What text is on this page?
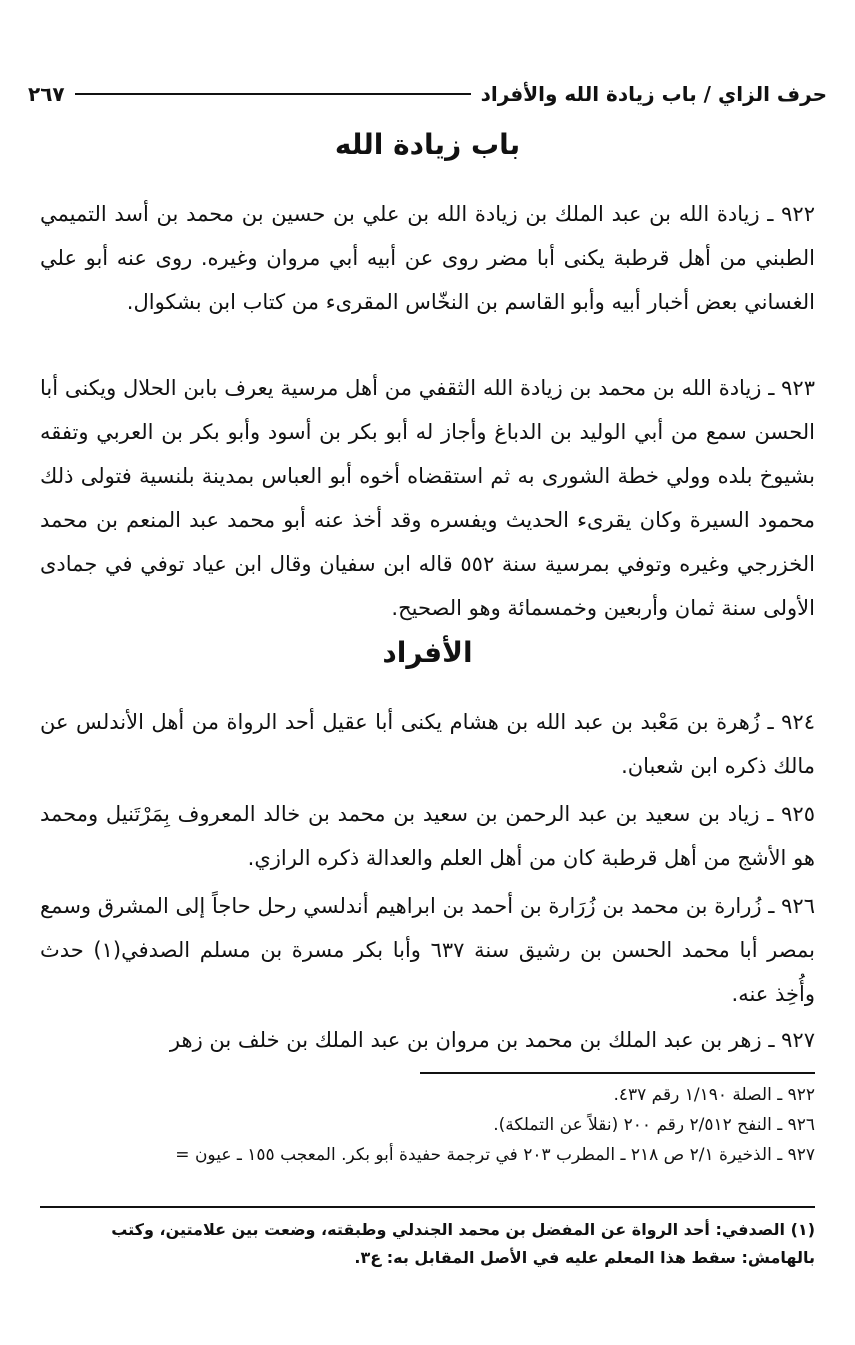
حرف الزاي / باب زيادة الله والأفراد
٢٦٧
باب زيادة الله

٩٢٢ ـ زيادة الله بن عبد الملك بن زيادة الله بن علي بن حسين بن محمد بن أسد التميمي الطبني من أهل قرطبة يكنى أبا مضر روى عن أبيه أبي مروان وغيره. روى عنه أبو علي الغساني بعض أخبار أبيه وأبو القاسم بن النخّاس المقرىء من كتاب ابن بشكوال.

٩٢٣ ـ زيادة الله بن محمد بن زيادة الله الثقفي من أهل مرسية يعرف بابن الحلال ويكنى أبا الحسن سمع من أبي الوليد بن الدباغ وأجاز له أبو بكر بن أسود وأبو بكر بن العربي وتفقه بشيوخ بلده وولي خطة الشورى به ثم استقضاه أخوه أبو العباس بمدينة بلنسية فتولى ذلك محمود السيرة وكان يقرىء الحديث ويفسره وقد أخذ عنه أبو محمد عبد المنعم بن محمد الخزرجي وغيره وتوفي بمرسية سنة ٥٥٢ قاله ابن سفيان وقال ابن عياد توفي في جمادى الأولى سنة ثمان وأربعين وخمسمائة وهو الصحيح.

الأفراد

٩٢٤ ـ زُهرة بن مَعْبد بن عبد الله بن هشام يكنى أبا عقيل أحد الرواة من أهل الأندلس عن مالك ذكره ابن شعبان.

٩٢٥ ـ زياد بن سعيد بن عبد الرحمن بن سعيد بن محمد بن خالد المعروف بِمَرْتَنيل ومحمد هو الأشج من أهل قرطبة كان من أهل العلم والعدالة ذكره الرازي.

٩٢٦ ـ زُرارة بن محمد بن زُرَارة بن أحمد بن ابراهيم أندلسي رحل حاجاً إلى المشرق وسمع بمصر أبا محمد الحسن بن رشيق سنة ٦٣٧ وأبا بكر مسرة بن مسلم الصدفي(١) حدث وأُخِذ عنه.

٩٢٧ ـ زهر بن عبد الملك بن محمد بن مروان بن عبد الملك بن خلف بن زهر

٩٢٢ ـ الصلة ١/١٩٠ رقم ٤٣٧.

٩٢٦ ـ النفح ٢/٥١٢ رقم ٢٠٠ (نقلاً عن التملكة).

٩٢٧ ـ الذخيرة ٢/١ ص ٢١٨ ـ المطرب ٢٠٣ في ترجمة حفيدة أبو بكر. المعجب ١٥٥ ـ عيون =

(١) الصدفي: أحد الرواة عن المفضل بن محمد الجندلي وطبقته، وضعت بين علامتين، وكتب بالهامش: سقط هذا المعلم عليه في الأصل المقابل به: ع٣.
